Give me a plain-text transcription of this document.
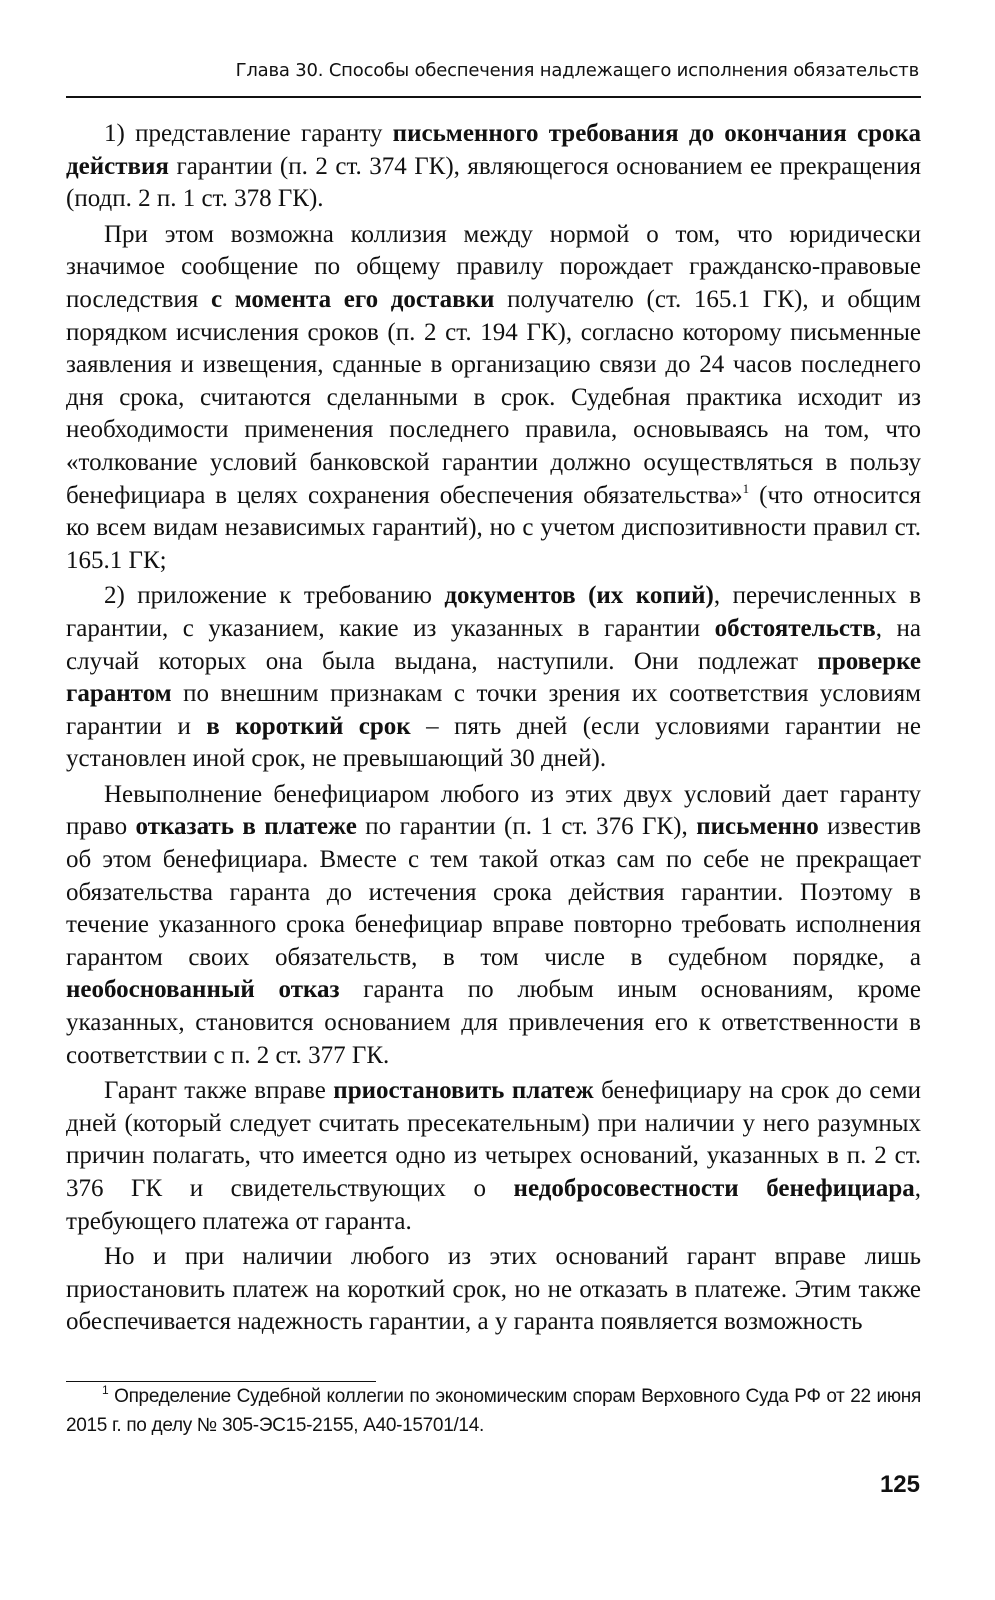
Глава 30. Способы обеспечения надлежащего исполнения обязательств

1) представление гаранту письменного требования до окончания срока действия гарантии (п. 2 ст. 374 ГК), являющегося основанием ее прекращения (подп. 2 п. 1 ст. 378 ГК).

При этом возможна коллизия между нормой о том, что юридически значимое сообщение по общему правилу порождает гражданско-правовые последствия с момента его доставки получателю (ст. 165.1 ГК), и общим порядком исчисления сроков (п. 2 ст. 194 ГК), согласно которому письменные заявления и извещения, сданные в организацию связи до 24 часов последнего дня срока, считаются сделанными в срок. Судебная практика исходит из необходимости применения последнего правила, основываясь на том, что «толкование условий банковской гарантии должно осуществляться в пользу бенефициара в целях сохранения обеспечения обязательства»$^1$ (что относится ко всем видам независимых гарантий), но с учетом диспозитивности правил ст. 165.1 ГК;

2) приложение к требованию документов (их копий), перечисленных в гарантии, с указанием, какие из указанных в гарантии обстоятельств, на случай которых она была выдана, наступили. Они подлежат проверке гарантом по внешним признакам с точки зрения их соответствия условиям гарантии и в короткий срок – пять дней (если условиями гарантии не установлен иной срок, не превышающий 30 дней).

Невыполнение бенефициаром любого из этих двух условий дает гаранту право отказать в платеже по гарантии (п. 1 ст. 376 ГК), письменно известив об этом бенефициара. Вместе с тем такой отказ сам по себе не прекращает обязательства гаранта до истечения срока действия гарантии. Поэтому в течение указанного срока бенефициар вправе повторно требовать исполнения гарантом своих обязательств, в том числе в судебном порядке, а необоснованный отказ гаранта по любым иным основаниям, кроме указанных, становится основанием для привлечения его к ответственности в соответствии с п. 2 ст. 377 ГК.

Гарант также вправе приостановить платеж бенефициару на срок до семи дней (который следует считать пресекательным) при наличии у него разумных причин полагать, что имеется одно из четырех оснований, указанных в п. 2 ст. 376 ГК и свидетельствующих о недобросовестности бенефициара, требующего платежа от гаранта.

Но и при наличии любого из этих оснований гарант вправе лишь приостановить платеж на короткий срок, но не отказать в платеже. Этим также обеспечивается надежность гарантии, а у гаранта появляется возможность

$^1$ Определение Судебной коллегии по экономическим спорам Верховного Суда РФ от 22 июня 2015 г. по делу № 305-ЭС15-2155, А40-15701/14.

125
